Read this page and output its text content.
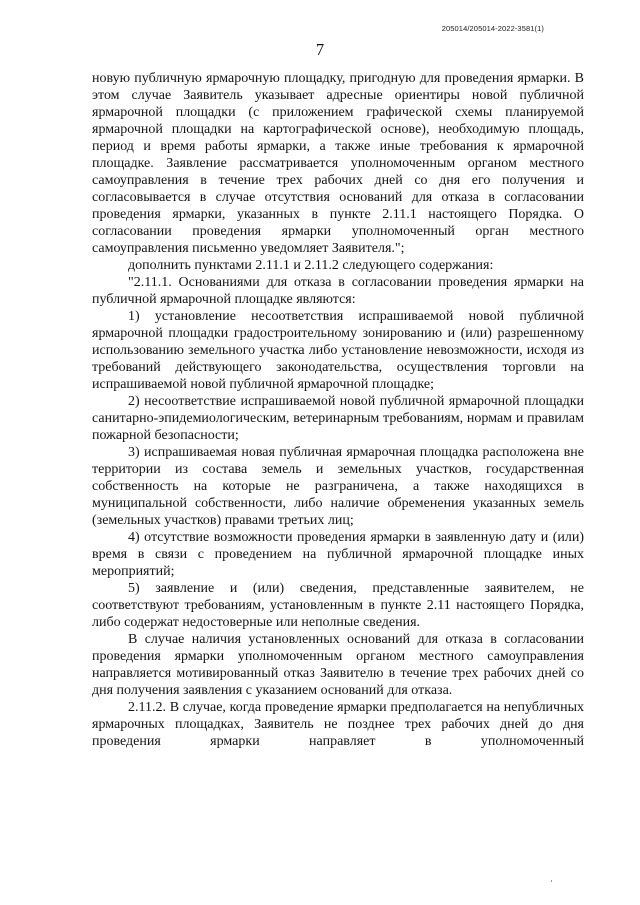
205014/205014-2022-3581(1)
7

новую публичную ярмарочную площадку, пригодную для проведения ярмарки. В этом случае Заявитель указывает адресные ориентиры новой публичной ярмарочной площадки (с приложением графической схемы планируемой ярмарочной площадки на картографической основе), необходимую площадь, период и время работы ярмарки, а также иные требования к ярмарочной площадке. Заявление рассматривается уполномоченным органом местного самоуправления в течение трех рабочих дней со дня его получения и согласовывается в случае отсутствия оснований для отказа в согласовании проведения ярмарки, указанных в пункте 2.11.1 настоящего Порядка. О согласовании проведения ярмарки уполномоченный орган местного самоуправления письменно уведомляет Заявителя.";

дополнить пунктами 2.11.1 и 2.11.2 следующего содержания:

"2.11.1. Основаниями для отказа в согласовании проведения ярмарки на публичной ярмарочной площадке являются:

1) установление несоответствия испрашиваемой новой публичной ярмарочной площадки градостроительному зонированию и (или) разрешенному использованию земельного участка либо установление невозможности, исходя из требований действующего законодательства, осуществления торговли на испрашиваемой новой публичной ярмарочной площадке;

2) несоответствие испрашиваемой новой публичной ярмарочной площадки санитарно-эпидемиологическим, ветеринарным требованиям, нормам и правилам пожарной безопасности;

3) испрашиваемая новая публичная ярмарочная площадка расположена вне территории из состава земель и земельных участков, государственная собственность на которые не разграничена, а также находящихся в муниципальной собственности, либо наличие обременения указанных земель (земельных участков) правами третьих лиц;

4) отсутствие возможности проведения ярмарки в заявленную дату и (или) время в связи с проведением на публичной ярмарочной площадке иных мероприятий;

5) заявление и (или) сведения, представленные заявителем, не соответствуют требованиям, установленным в пункте 2.11 настоящего Порядка, либо содержат недостоверные или неполные сведения.

В случае наличия установленных оснований для отказа в согласовании проведения ярмарки уполномоченным органом местного самоуправления направляется мотивированный отказ Заявителю в течение трех рабочих дней со дня получения заявления с указанием оснований для отказа.

2.11.2. В случае, когда проведение ярмарки предполагается на непубличных ярмарочных площадках, Заявитель не позднее трех рабочих дней до дня проведения ярмарки направляет в уполномоченный
